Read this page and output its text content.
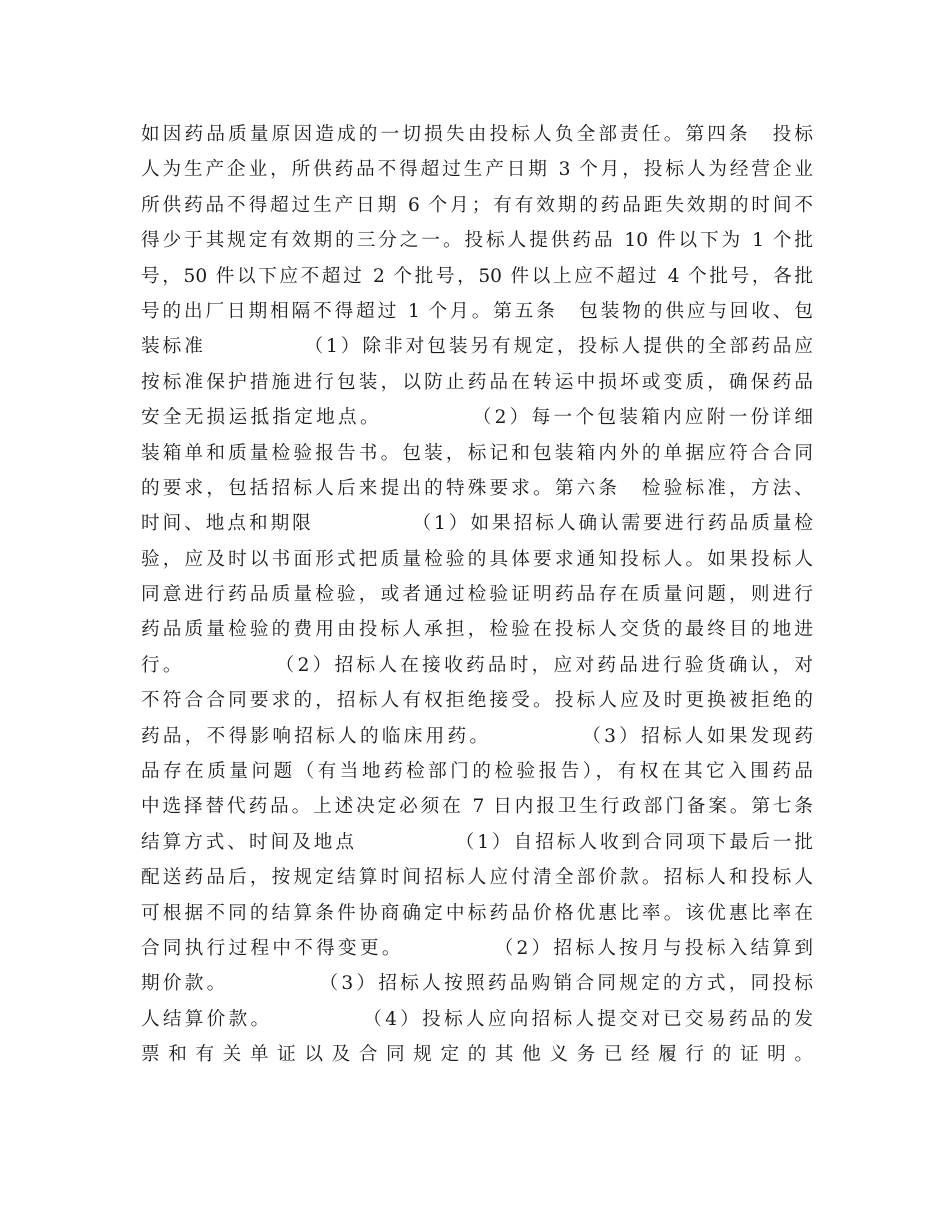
如因药品质量原因造成的一切损失由投标人负全部责任。第四条　投标
人为生产企业，所供药品不得超过生产日期 3 个月，投标人为经营企业
所供药品不得超过生产日期 6 个月；有有效期的药品距失效期的时间不
得少于其规定有效期的三分之一。投标人提供药品 10 件以下为 1 个批
号，50 件以下应不超过 2 个批号，50 件以上应不超过 4 个批号，各批
号的出厂日期相隔不得超过 1 个月。第五条　包装物的供应与回收、包
装标准　　　　　（1）除非对包装另有规定，投标人提供的全部药品应
按标准保护措施进行包装，以防止药品在转运中损坏或变质，确保药品
安全无损运抵指定地点。　　　　　（2）每一个包装箱内应附一份详细
装箱单和质量检验报告书。包装，标记和包装箱内外的单据应符合合同
的要求，包括招标人后来提出的特殊要求。第六条　检验标准，方法、
时间、地点和期限　　　　　（1）如果招标人确认需要进行药品质量检
验，应及时以书面形式把质量检验的具体要求通知投标人。如果投标人
同意进行药品质量检验，或者通过检验证明药品存在质量问题，则进行
药品质量检验的费用由投标人承担，检验在投标人交货的最终目的地进
行。　　　　　（2）招标人在接收药品时，应对药品进行验货确认，对
不符合合同要求的，招标人有权拒绝接受。投标人应及时更换被拒绝的
药品，不得影响招标人的临床用药。　　　　　（3）招标人如果发现药
品存在质量问题（有当地药检部门的检验报告），有权在其它入围药品
中选择替代药品。上述决定必须在 7 日内报卫生行政部门备案。第七条
结算方式、时间及地点　　　　　（1）自招标人收到合同项下最后一批
配送药品后，按规定结算时间招标人应付清全部价款。招标人和投标人
可根据不同的结算条件协商确定中标药品价格优惠比率。该优惠比率在
合同执行过程中不得变更。　　　　　（2）招标人按月与投标入结算到
期价款。　　　　　（3）招标人按照药品购销合同规定的方式，同投标
人结算价款。　　　　　（4）投标人应向招标人提交对已交易药品的发
票和有关单证以及合同规定的其他义务已经履行的证明。
